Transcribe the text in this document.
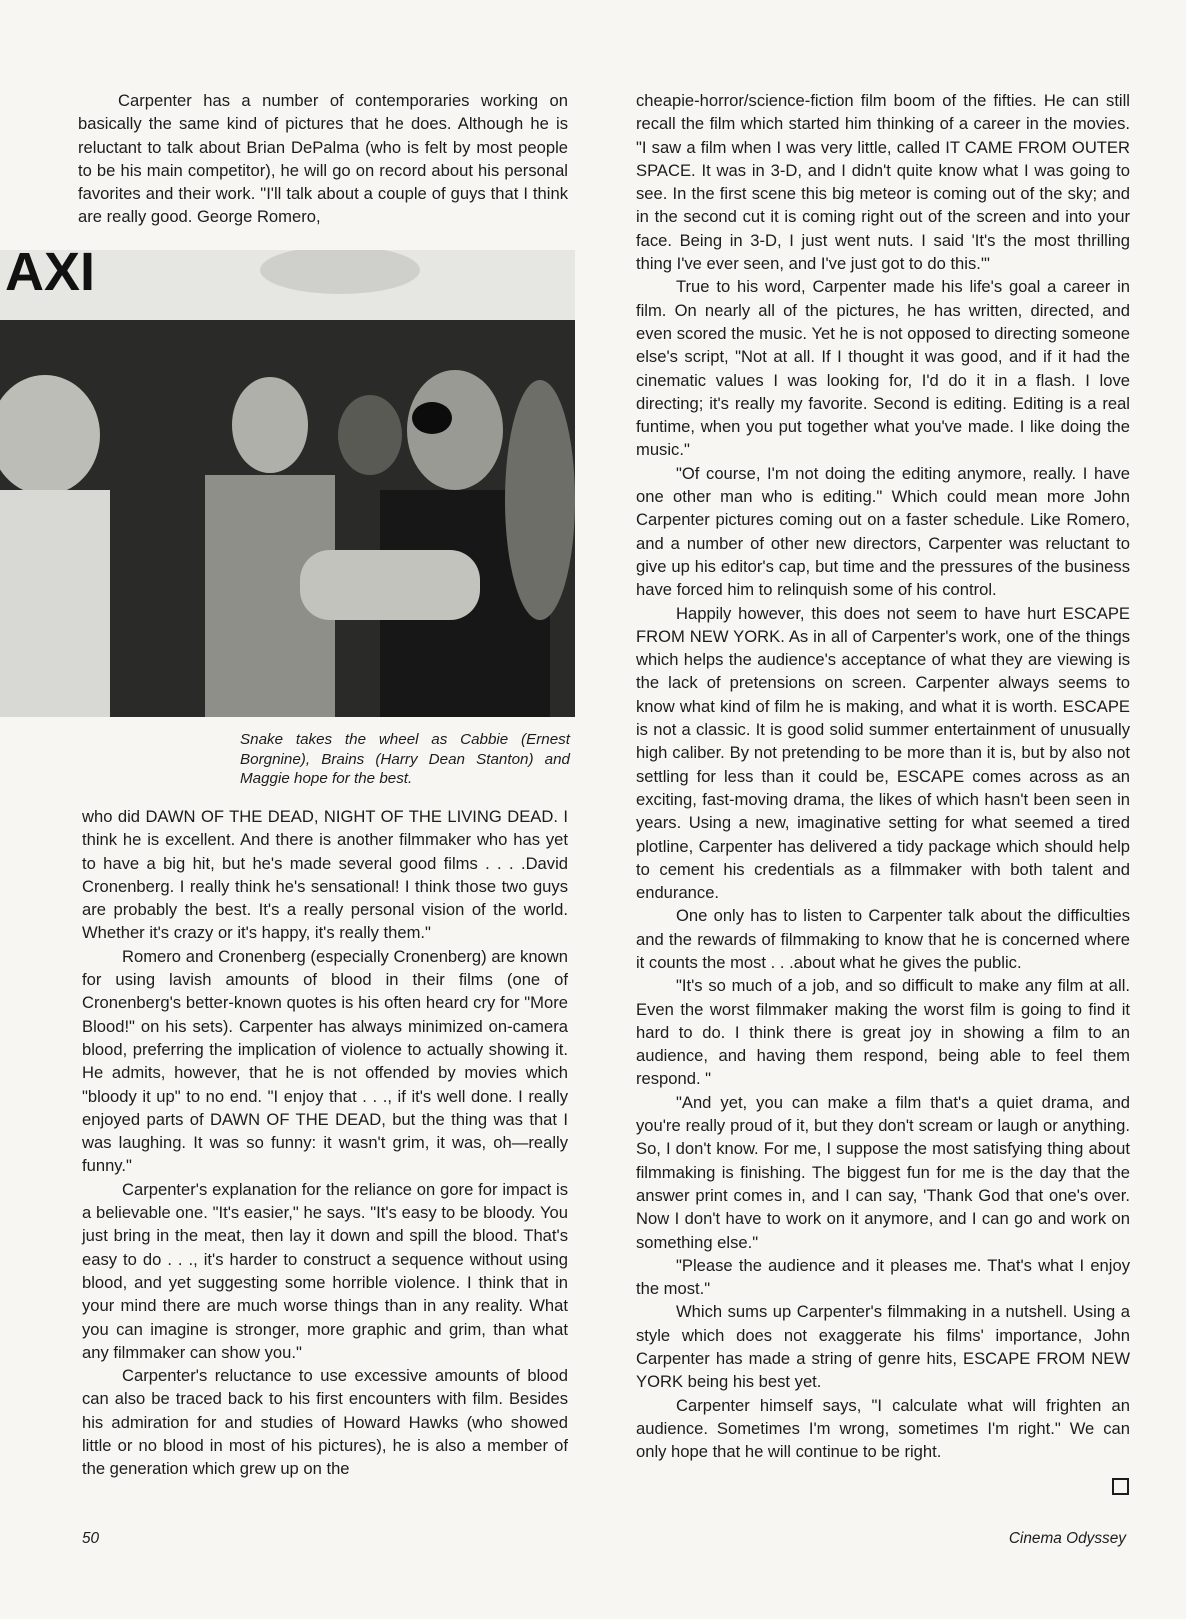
Carpenter has a number of contemporaries working on basically the same kind of pictures that he does. Although he is reluctant to talk about Brian DePalma (who is felt by most people to be his main competitor), he will go on record about his personal favorites and their work. "I'll talk about a couple of guys that I think are really good. George Romero,

AXI
Snake takes the wheel as Cabbie (Ernest Borgnine), Brains (Harry Dean Stanton) and Maggie hope for the best.

who did DAWN OF THE DEAD, NIGHT OF THE LIVING DEAD. I think he is excellent. And there is another filmmaker who has yet to have a big hit, but he's made several good films . . . .David Cronenberg. I really think he's sensational! I think those two guys are probably the best. It's a really personal vision of the world. Whether it's crazy or it's happy, it's really them."

Romero and Cronenberg (especially Cronenberg) are known for using lavish amounts of blood in their films (one of Cronenberg's better-known quotes is his often heard cry for "More Blood!" on his sets). Carpenter has always minimized on-camera blood, preferring the implication of violence to actually showing it. He admits, however, that he is not offended by movies which "bloody it up" to no end. "I enjoy that . . ., if it's well done. I really enjoyed parts of DAWN OF THE DEAD, but the thing was that I was laughing. It was so funny: it wasn't grim, it was, oh—really funny."

Carpenter's explanation for the reliance on gore for impact is a believable one. "It's easier," he says. "It's easy to be bloody. You just bring in the meat, then lay it down and spill the blood. That's easy to do . . ., it's harder to construct a sequence without using blood, and yet suggesting some horrible violence. I think that in your mind there are much worse things than in any reality. What you can imagine is stronger, more graphic and grim, than what any filmmaker can show you."

Carpenter's reluctance to use excessive amounts of blood can also be traced back to his first encounters with film. Besides his admiration for and studies of Howard Hawks (who showed little or no blood in most of his pictures), he is also a member of the generation which grew up on the

cheapie-horror/science-fiction film boom of the fifties. He can still recall the film which started him thinking of a career in the movies. "I saw a film when I was very little, called IT CAME FROM OUTER SPACE. It was in 3-D, and I didn't quite know what I was going to see. In the first scene this big meteor is coming out of the sky; and in the second cut it is coming right out of the screen and into your face. Being in 3-D, I just went nuts. I said 'It's the most thrilling thing I've ever seen, and I've just got to do this.'"

True to his word, Carpenter made his life's goal a career in film. On nearly all of the pictures, he has written, directed, and even scored the music. Yet he is not opposed to directing someone else's script, "Not at all. If I thought it was good, and if it had the cinematic values I was looking for, I'd do it in a flash. I love directing; it's really my favorite. Second is editing. Editing is a real funtime, when you put together what you've made. I like doing the music."

"Of course, I'm not doing the editing anymore, really. I have one other man who is editing." Which could mean more John Carpenter pictures coming out on a faster schedule. Like Romero, and a number of other new directors, Carpenter was reluctant to give up his editor's cap, but time and the pressures of the business have forced him to relinquish some of his control.

Happily however, this does not seem to have hurt ESCAPE FROM NEW YORK. As in all of Carpenter's work, one of the things which helps the audience's acceptance of what they are viewing is the lack of pretensions on screen. Carpenter always seems to know what kind of film he is making, and what it is worth. ESCAPE is not a classic. It is good solid summer entertainment of unusually high caliber. By not pretending to be more than it is, but by also not settling for less than it could be, ESCAPE comes across as an exciting, fast-moving drama, the likes of which hasn't been seen in years. Using a new, imaginative setting for what seemed a tired plotline, Carpenter has delivered a tidy package which should help to cement his credentials as a filmmaker with both talent and endurance.

One only has to listen to Carpenter talk about the difficulties and the rewards of filmmaking to know that he is concerned where it counts the most . . .about what he gives the public.

"It's so much of a job, and so difficult to make any film at all. Even the worst filmmaker making the worst film is going to find it hard to do. I think there is great joy in showing a film to an audience, and having them respond, being able to feel them respond. "

"And yet, you can make a film that's a quiet drama, and you're really proud of it, but they don't scream or laugh or anything. So, I don't know. For me, I suppose the most satisfying thing about filmmaking is finishing. The biggest fun for me is the day that the answer print comes in, and I can say, 'Thank God that one's over. Now I don't have to work on it anymore, and I can go and work on something else."

"Please the audience and it pleases me. That's what I enjoy the most."

Which sums up Carpenter's filmmaking in a nutshell. Using a style which does not exaggerate his films' importance, John Carpenter has made a string of genre hits, ESCAPE FROM NEW YORK being his best yet.

Carpenter himself says, "I calculate what will frighten an audience. Sometimes I'm wrong, sometimes I'm right." We can only hope that he will continue to be right.

50	Cinema Odyssey
